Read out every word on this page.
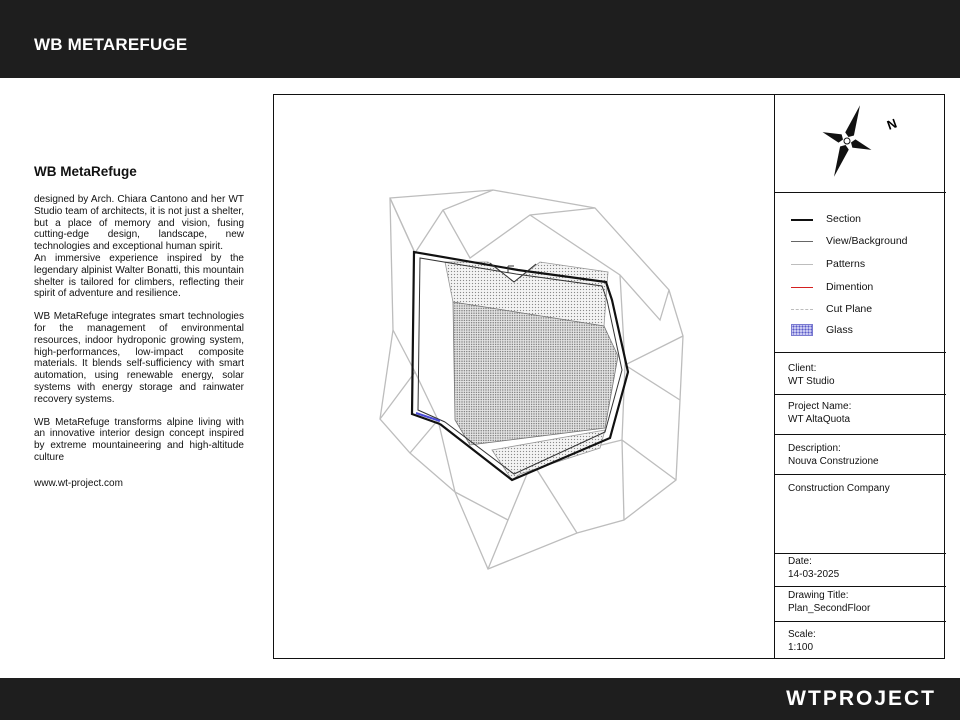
WB METAREFUGE
WB MetaRefuge

designed by Arch. Chiara Cantono and her WT Studio team of architects, it is not just a shelter, but a place of memory and vision, fusing cutting-edge design, landscape, new technologies and exceptional human spirit.

An immersive experience inspired by the legendary alpinist Walter Bonatti, this mountain shelter is tailored for climbers, reflecting their spirit of adventure and resilience.

WB MetaRefuge integrates smart technologies for the management of environmental resources, indoor hydroponic growing system, high-performances, low-impact composite materials. It blends self-sufficiency with smart automation, using renewable energy, solar systems with energy storage and rainwater recovery systems.

WB MetaRefuge transforms alpine living with an innovative interior design concept inspired by extreme mountaineering and high-altitude culture

www.wt-project.com

N
Section
View/Background
Patterns
Dimention
Cut Plane
Glass
Client:
WT Studio
Project Name:
WT AltaQuota
Description:
Nouva Construzione
Construction Company
Date:
14-03-2025
Drawing Title:
Plan_SecondFloor
Scale:
1:100
WTPROJECT
